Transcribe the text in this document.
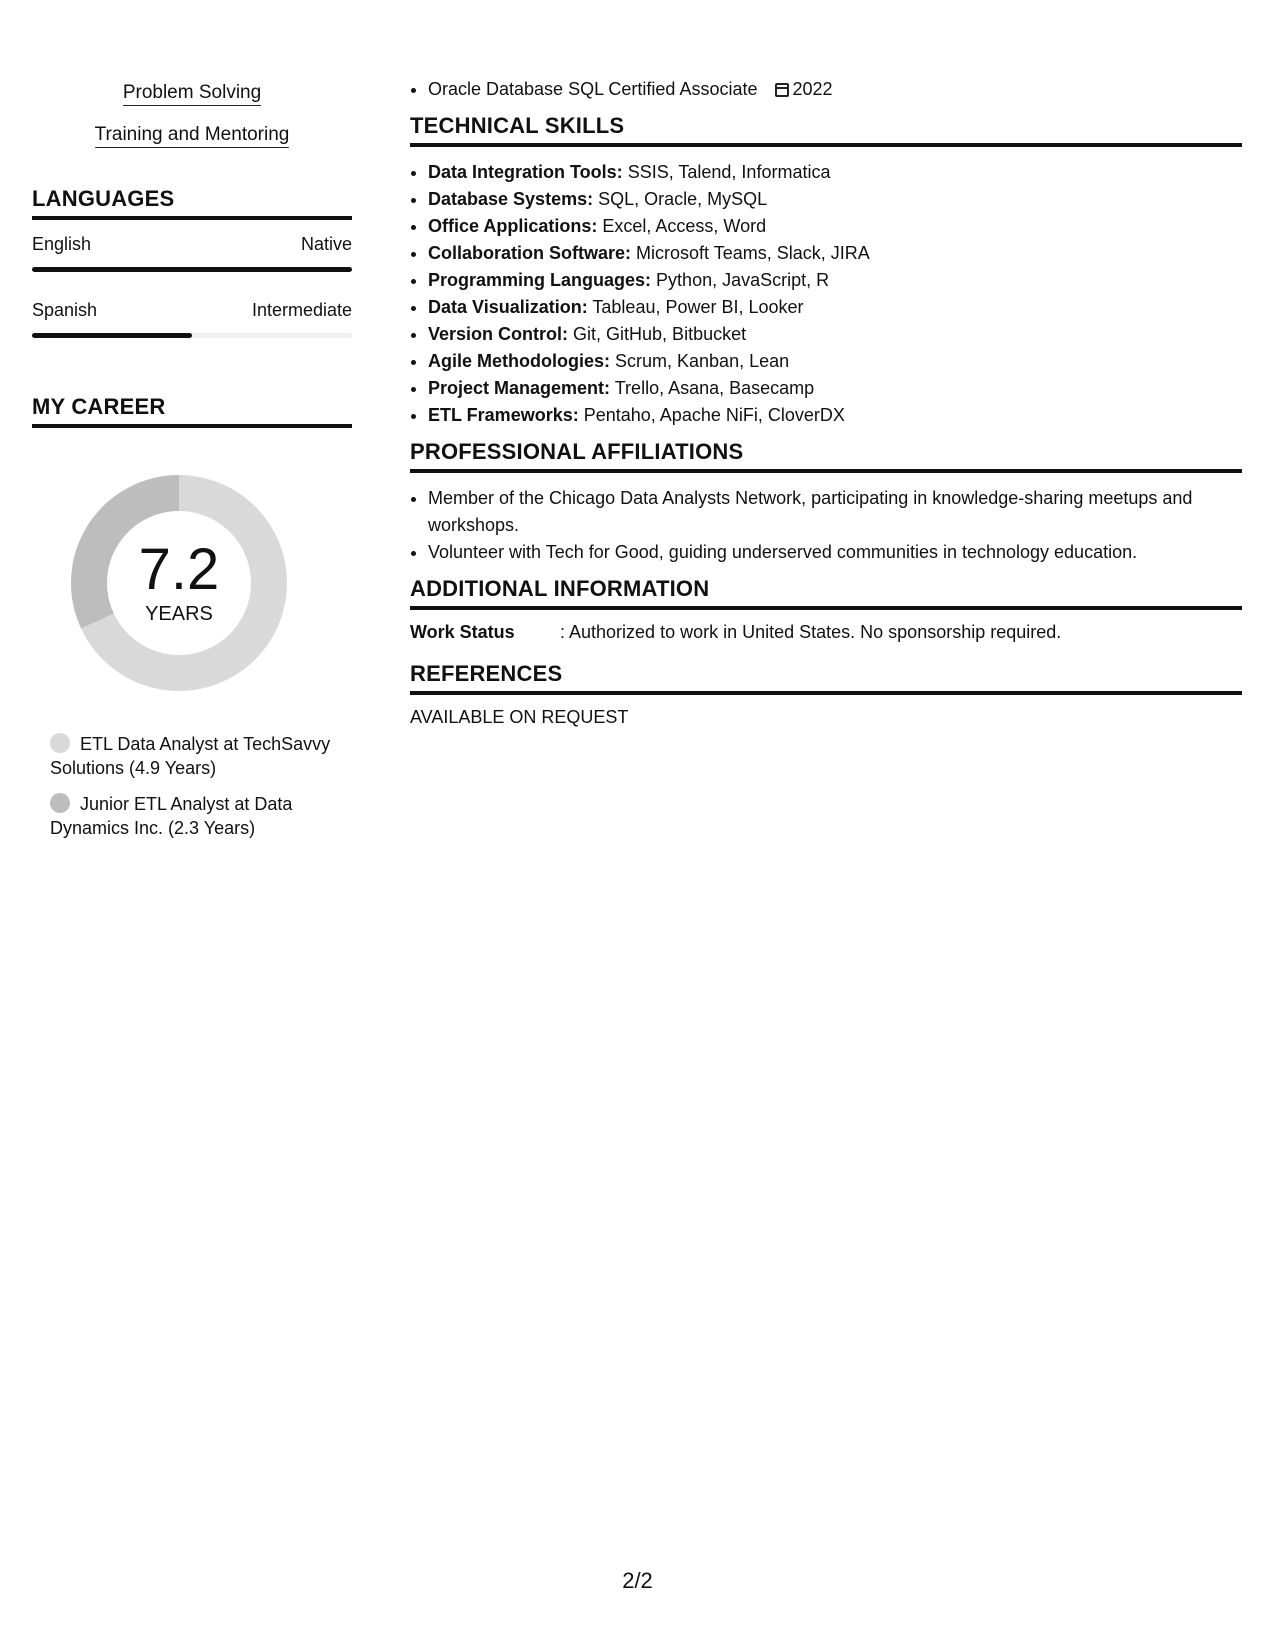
Problem Solving
Training and Mentoring
LANGUAGES
English	Native
Spanish	Intermediate
MY CAREER
7.2
YEARS
ETL Data Analyst at TechSavvy Solutions (4.9 Years)
Junior ETL Analyst at Data Dynamics Inc. (2.3 Years)
• Oracle Database SQL Certified Associate 2022
TECHNICAL SKILLS
• Data Integration Tools: SSIS, Talend, Informatica
• Database Systems: SQL, Oracle, MySQL
• Office Applications: Excel, Access, Word
• Collaboration Software: Microsoft Teams, Slack, JIRA
• Programming Languages: Python, JavaScript, R
• Data Visualization: Tableau, Power BI, Looker
• Version Control: Git, GitHub, Bitbucket
• Agile Methodologies: Scrum, Kanban, Lean
• Project Management: Trello, Asana, Basecamp
• ETL Frameworks: Pentaho, Apache NiFi, CloverDX
PROFESSIONAL AFFILIATIONS
• Member of the Chicago Data Analysts Network, participating in knowledge-sharing meetups and workshops.
• Volunteer with Tech for Good, guiding underserved communities in technology education.
ADDITIONAL INFORMATION
Work Status	: Authorized to work in United States. No sponsorship required.
REFERENCES
AVAILABLE ON REQUEST
2/2
